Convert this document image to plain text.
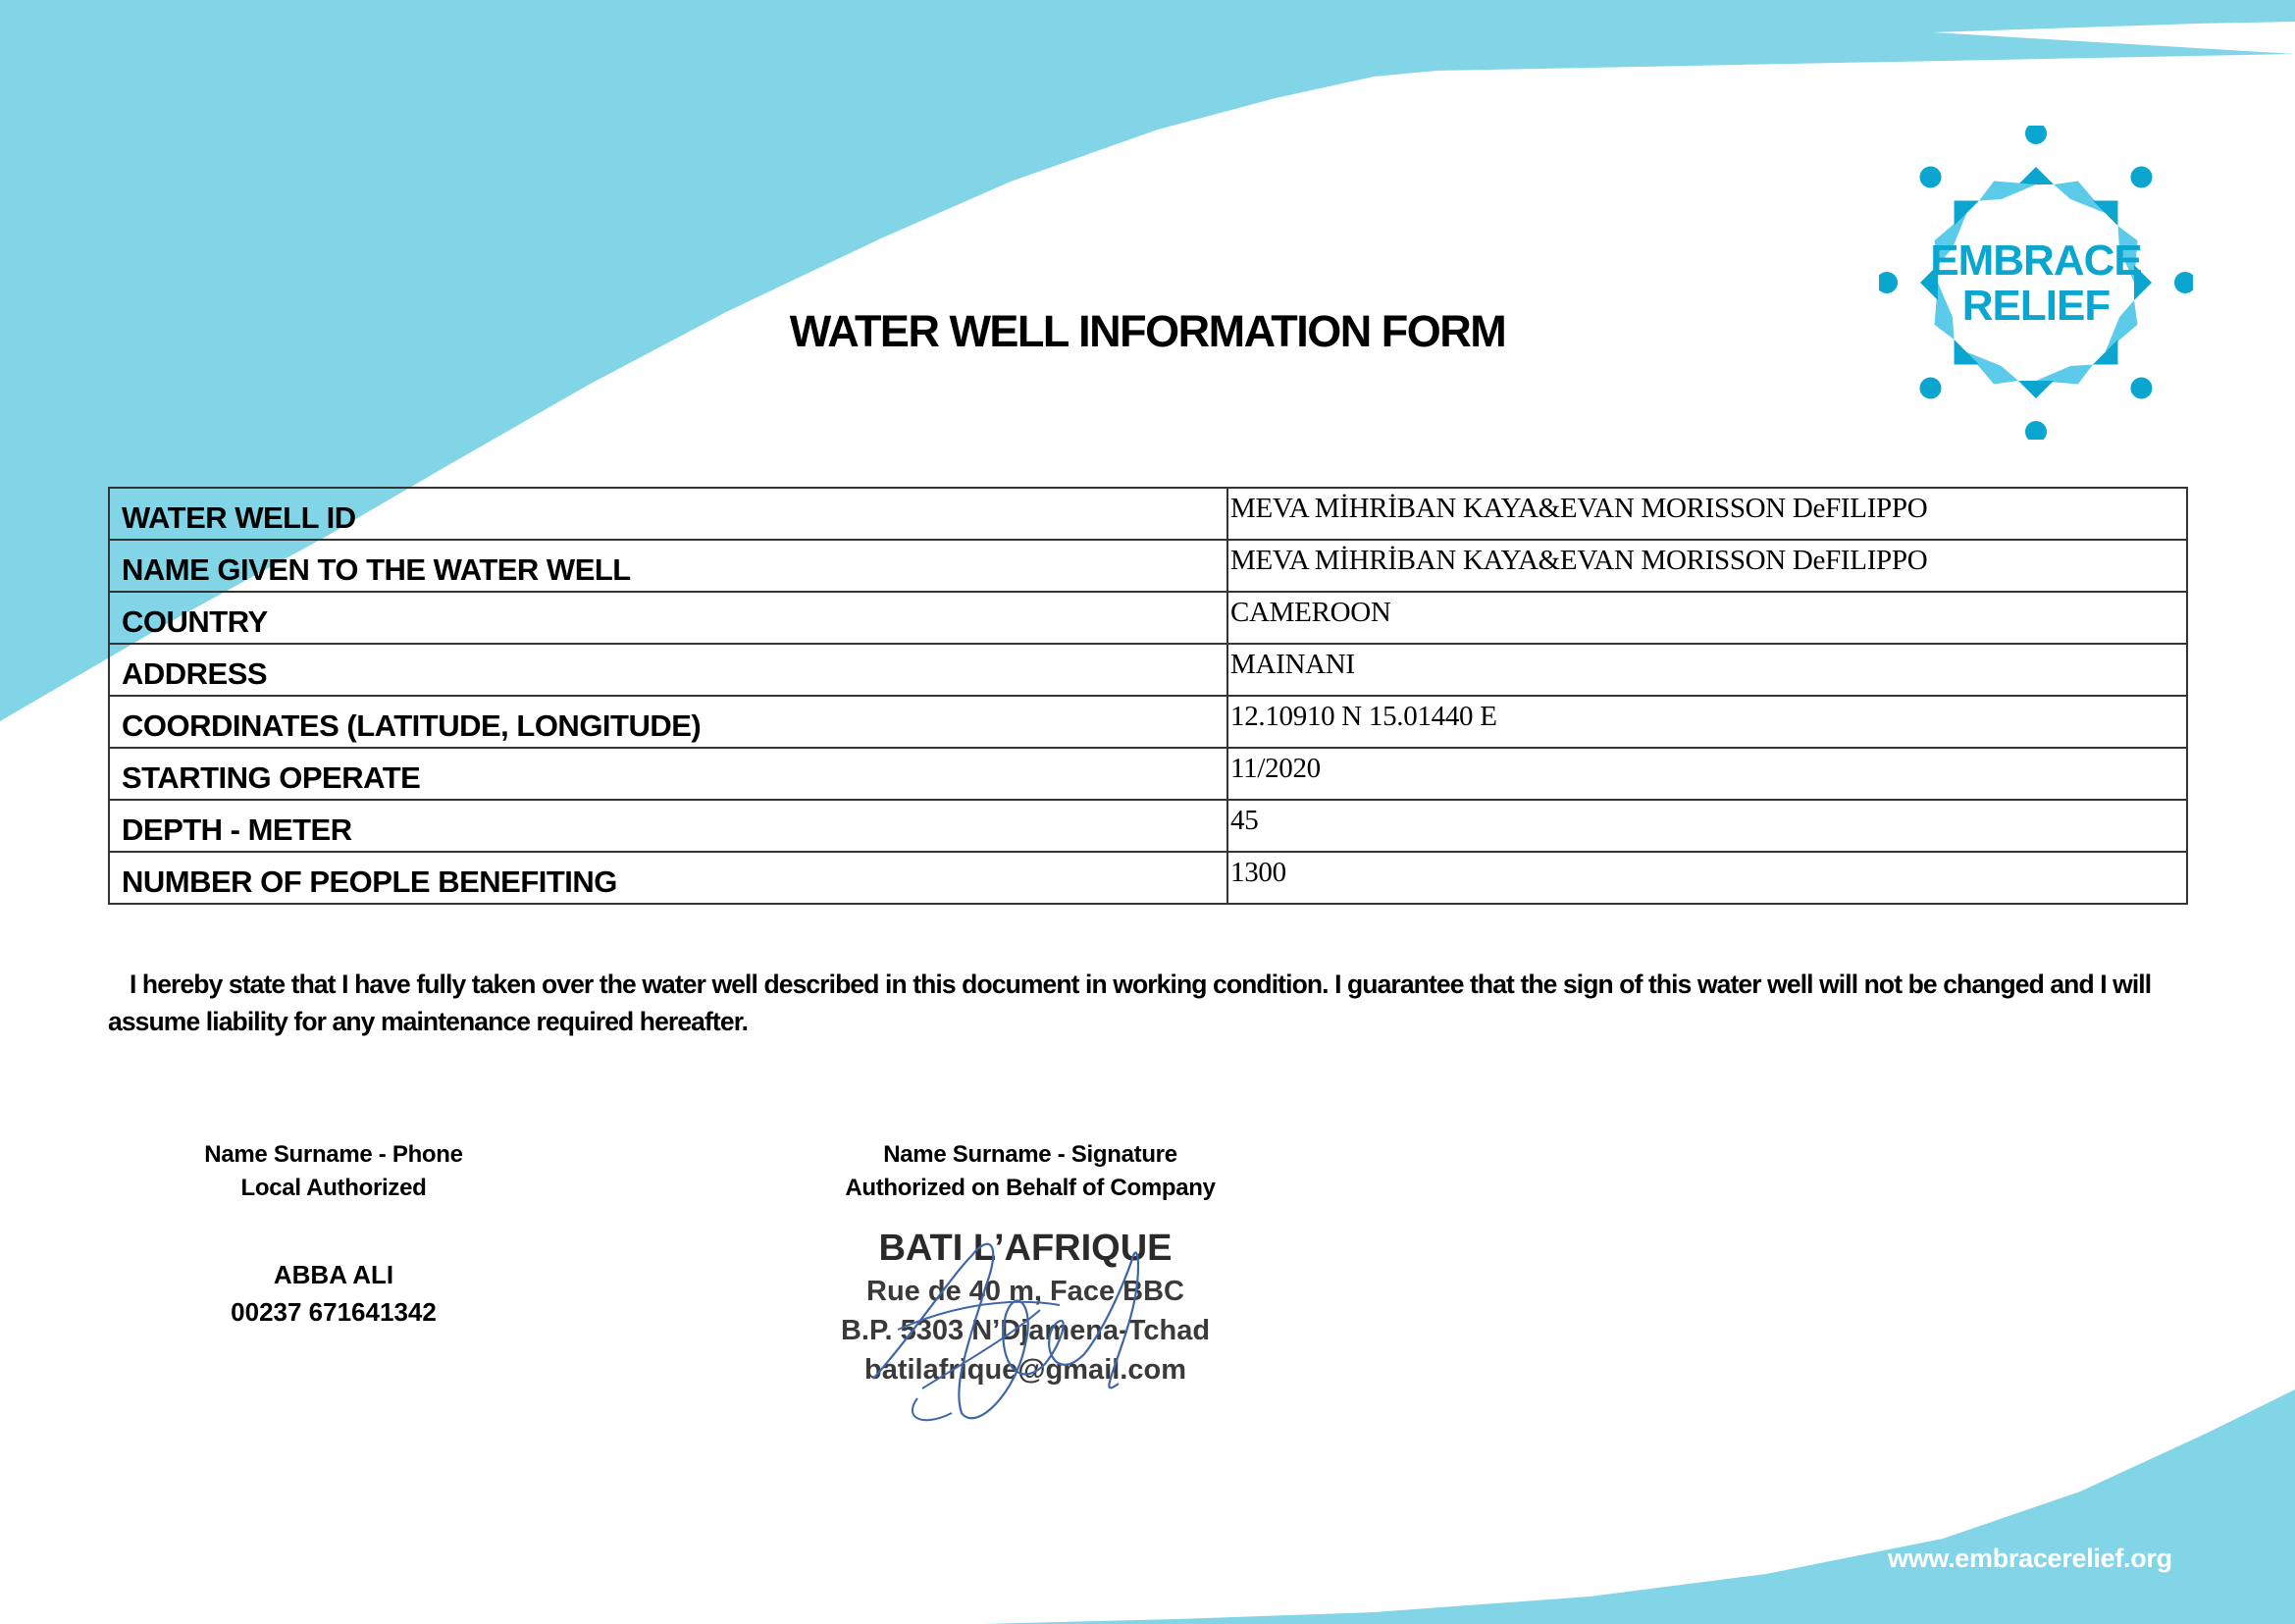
WATER WELL INFORMATION FORM
EMBRACE
RELIEF
WATER WELL ID	MEVA MİHRİBAN KAYA&EVAN MORISSON DeFILIPPO
NAME GIVEN TO THE WATER WELL	MEVA MİHRİBAN KAYA&EVAN MORISSON DeFILIPPO
COUNTRY	CAMEROON
ADDRESS	MAINANI
COORDINATES (LATITUDE, LONGITUDE)	12.10910 N 15.01440 E
STARTING OPERATE	11/2020
DEPTH - METER	45
NUMBER OF PEOPLE BENEFITING	1300

I hereby state that I have fully taken over the water well described in this document in working condition. I guarantee that the sign of this water well will not be changed and I will assume liability for any maintenance required hereafter.

Name Surname - Phone
Local Authorized
ABBA ALI
00237 671641342
Name Surname - Signature
Authorized on Behalf of Company
BATI L’AFRIQUE
Rue de 40 m, Face BBC
B.P. 5303 N’Djamena-Tchad
batilafrique@gmail.com
www.embracerelief.org
